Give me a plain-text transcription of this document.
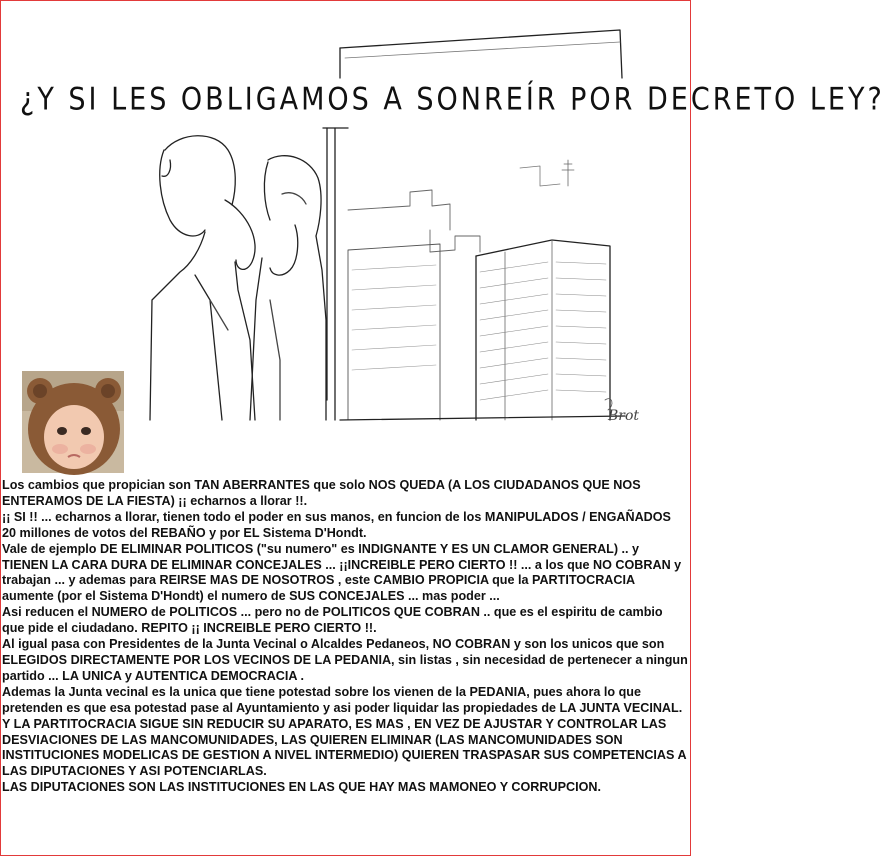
¿Y SI LES OBLIGAMOS A SONREÍR POR DECRETO LEY?
Brot

Los cambios que propician son TAN ABERRANTES que solo NOS QUEDA (A LOS CIUDADANOS QUE NOS ENTERAMOS DE LA FIESTA) ¡¡ echarnos a llorar !!.

¡¡ SI !! ... echarnos a llorar, tienen todo el poder en sus manos, en funcion de los MANIPULADOS / ENGAÑADOS 20 millones de votos del REBAÑO y por EL Sistema D'Hondt.

Vale de ejemplo DE ELIMINAR POLITICOS ("su numero" es INDIGNANTE Y ES UN CLAMOR GENERAL) .. y TIENEN LA CARA DURA DE ELIMINAR CONCEJALES ... ¡¡INCREIBLE PERO CIERTO !! ... a los que NO COBRAN y trabajan ... y ademas para REIRSE MAS DE NOSOTROS , este CAMBIO PROPICIA que la PARTITOCRACIA aumente (por el Sistema D'Hondt) el numero de SUS CONCEJALES ... mas poder ...

Asi reducen el NUMERO de POLITICOS ... pero no de POLITICOS QUE COBRAN .. que es el espiritu de cambio que pide el ciudadano. REPITO ¡¡ INCREIBLE PERO CIERTO !!.

Al igual pasa con Presidentes de la Junta Vecinal o Alcaldes Pedaneos, NO COBRAN y son los unicos que son ELEGIDOS DIRECTAMENTE POR LOS VECINOS DE LA PEDANIA, sin listas , sin necesidad de pertenecer a ningun partido ... LA UNICA y AUTENTICA DEMOCRACIA .

Ademas la Junta vecinal es la unica que tiene potestad sobre los vienen de la PEDANIA, pues ahora lo que pretenden es que esa potestad pase al Ayuntamiento y asi poder liquidar las propiedades de LA JUNTA VECINAL.

Y LA PARTITOCRACIA SIGUE SIN REDUCIR SU APARATO, ES MAS , EN VEZ DE AJUSTAR Y CONTROLAR LAS DESVIACIONES DE LAS MANCOMUNIDADES, LAS QUIEREN ELIMINAR (LAS MANCOMUNIDADES SON INSTITUCIONES MODELICAS DE GESTION A NIVEL INTERMEDIO) QUIEREN TRASPASAR SUS COMPETENCIAS A LAS DIPUTACIONES Y ASI POTENCIARLAS.

LAS DIPUTACIONES SON LAS INSTITUCIONES EN LAS QUE HAY MAS MAMONEO Y CORRUPCION.
